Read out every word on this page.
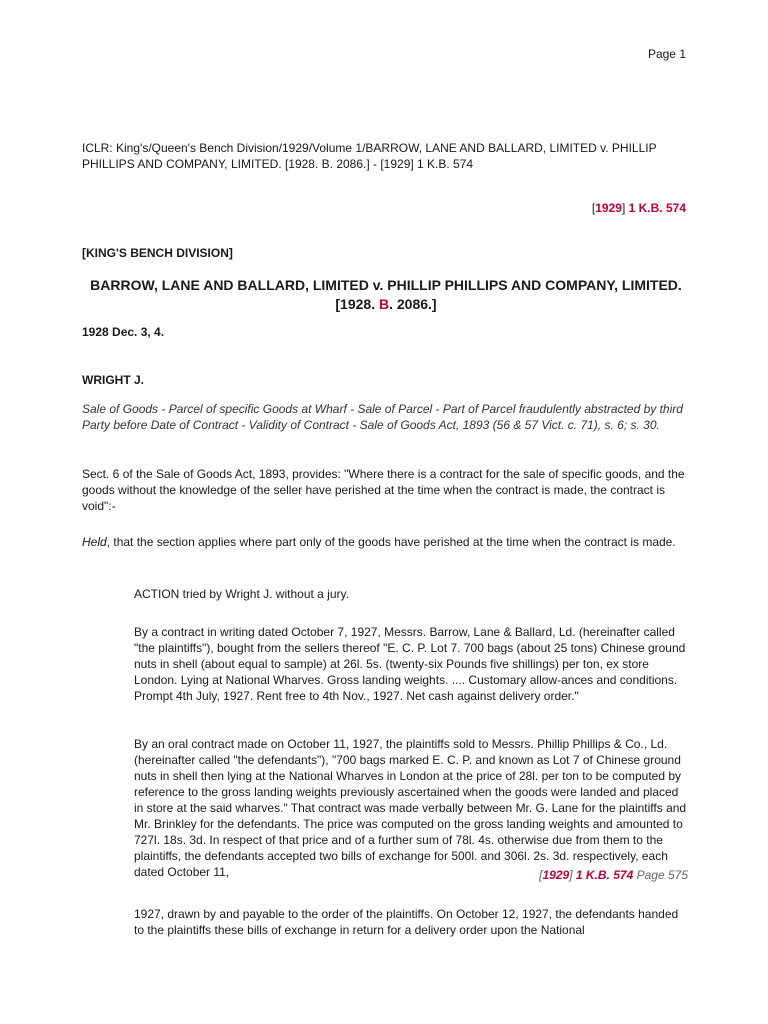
Page 1

ICLR: King's/Queen's Bench Division/1929/Volume 1/BARROW, LANE AND BALLARD, LIMITED v. PHILLIP PHILLIPS AND COMPANY, LIMITED. [1928. B. 2086.] - [1929] 1 K.B. 574

[1929] 1 K.B. 574
[KING'S BENCH DIVISION]
BARROW, LANE AND BALLARD, LIMITED v. PHILLIP PHILLIPS AND COMPANY, LIMITED. [1928. B. 2086.]
1928 Dec. 3, 4.
WRIGHT J.

Sale of Goods - Parcel of specific Goods at Wharf - Sale of Parcel - Part of Parcel fraudulently abstracted by third Party before Date of Contract - Validity of Contract - Sale of Goods Act, 1893 (56 & 57 Vict. c. 71), s. 6; s. 30.

Sect. 6 of the Sale of Goods Act, 1893, provides: "Where there is a contract for the sale of specific goods, and the goods without the knowledge of the seller have perished at the time when the contract is made, the contract is void":-

Held, that the section applies where part only of the goods have perished at the time when the contract is made.

ACTION tried by Wright J. without a jury.

By a contract in writing dated October 7, 1927, Messrs. Barrow, Lane & Ballard, Ld. (hereinafter called "the plaintiffs"), bought from the sellers thereof "E. C. P. Lot 7. 700 bags (about 25 tons) Chinese ground nuts in shell (about equal to sample) at 26l. 5s. (twenty-six Pounds five shillings) per ton, ex store London. Lying at National Wharves. Gross landing weights. .... Customary allow-ances and conditions. Prompt 4th July, 1927. Rent free to 4th Nov., 1927. Net cash against delivery order."

By an oral contract made on October 11, 1927, the plaintiffs sold to Messrs. Phillip Phillips & Co., Ld. (hereinafter called "the defendants"), "700 bags marked E. C. P. and known as Lot 7 of Chinese ground nuts in shell then lying at the National Wharves in London at the price of 28l. per ton to be computed by reference to the gross landing weights previously ascertained when the goods were landed and placed in store at the said wharves." That contract was made verbally between Mr. G. Lane for the plaintiffs and Mr. Brinkley for the defendants. The price was computed on the gross landing weights and amounted to 727l. 18s. 3d. In respect of that price and of a further sum of 78l. 4s. otherwise due from them to the plaintiffs, the defendants accepted two bills of exchange for 500l. and 306l. 2s. 3d. respectively, each dated October 11,	[1929] 1 K.B. 574 Page 575

1927, drawn by and payable to the order of the plaintiffs. On October 12, 1927, the defendants handed to the plaintiffs these bills of exchange in return for a delivery order upon the National
